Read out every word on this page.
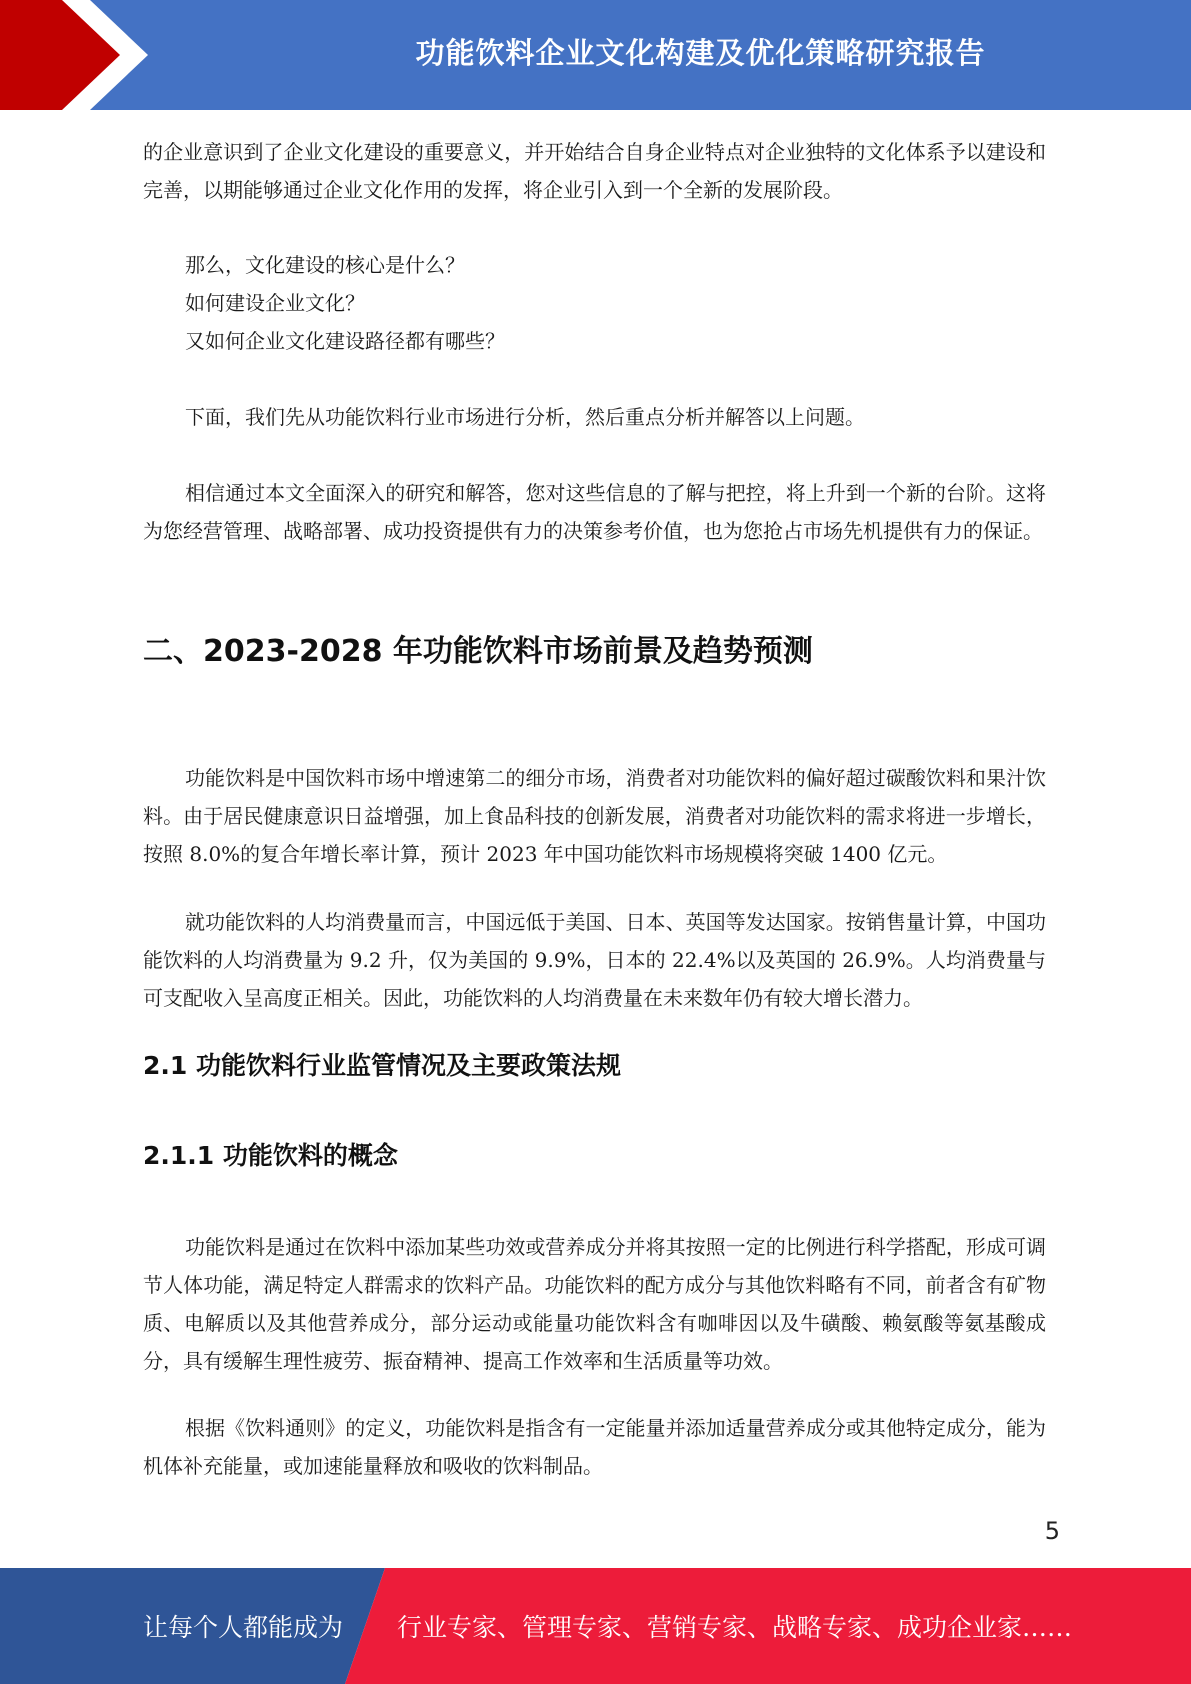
功能饮料企业文化构建及优化策略研究报告

的企业意识到了企业文化建设的重要意义，并开始结合自身企业特点对企业独特的文化体系予以建设和完善，以期能够通过企业文化作用的发挥，将企业引入到一个全新的发展阶段。

那么，文化建设的核心是什么？

如何建设企业文化？

又如何企业文化建设路径都有哪些？

下面，我们先从功能饮料行业市场进行分析，然后重点分析并解答以上问题。

相信通过本文全面深入的研究和解答，您对这些信息的了解与把控，将上升到一个新的台阶。这将为您经营管理、战略部署、成功投资提供有力的决策参考价值，也为您抢占市场先机提供有力的保证。

二、2023-2028 年功能饮料市场前景及趋势预测

功能饮料是中国饮料市场中增速第二的细分市场，消费者对功能饮料的偏好超过碳酸饮料和果汁饮料。由于居民健康意识日益增强，加上食品科技的创新发展，消费者对功能饮料的需求将进一步增长，按照 8.0%的复合年增长率计算，预计 2023 年中国功能饮料市场规模将突破 1400 亿元。

就功能饮料的人均消费量而言，中国远低于美国、日本、英国等发达国家。按销售量计算，中国功能饮料的人均消费量为 9.2 升，仅为美国的 9.9%，日本的 22.4%以及英国的 26.9%。人均消费量与可支配收入呈高度正相关。因此，功能饮料的人均消费量在未来数年仍有较大增长潜力。

2.1 功能饮料行业监管情况及主要政策法规
2.1.1 功能饮料的概念

功能饮料是通过在饮料中添加某些功效或营养成分并将其按照一定的比例进行科学搭配，形成可调节人体功能，满足特定人群需求的饮料产品。功能饮料的配方成分与其他饮料略有不同，前者含有矿物质、电解质以及其他营养成分，部分运动或能量功能饮料含有咖啡因以及牛磺酸、赖氨酸等氨基酸成分，具有缓解生理性疲劳、振奋精神、提高工作效率和生活质量等功效。

根据《饮料通则》的定义，功能饮料是指含有一定能量并添加适量营养成分或其他特定成分，能为机体补充能量，或加速能量释放和吸收的饮料制品。

5
让每个人都能成为 行业专家、管理专家、营销专家、战略专家、成功企业家……
